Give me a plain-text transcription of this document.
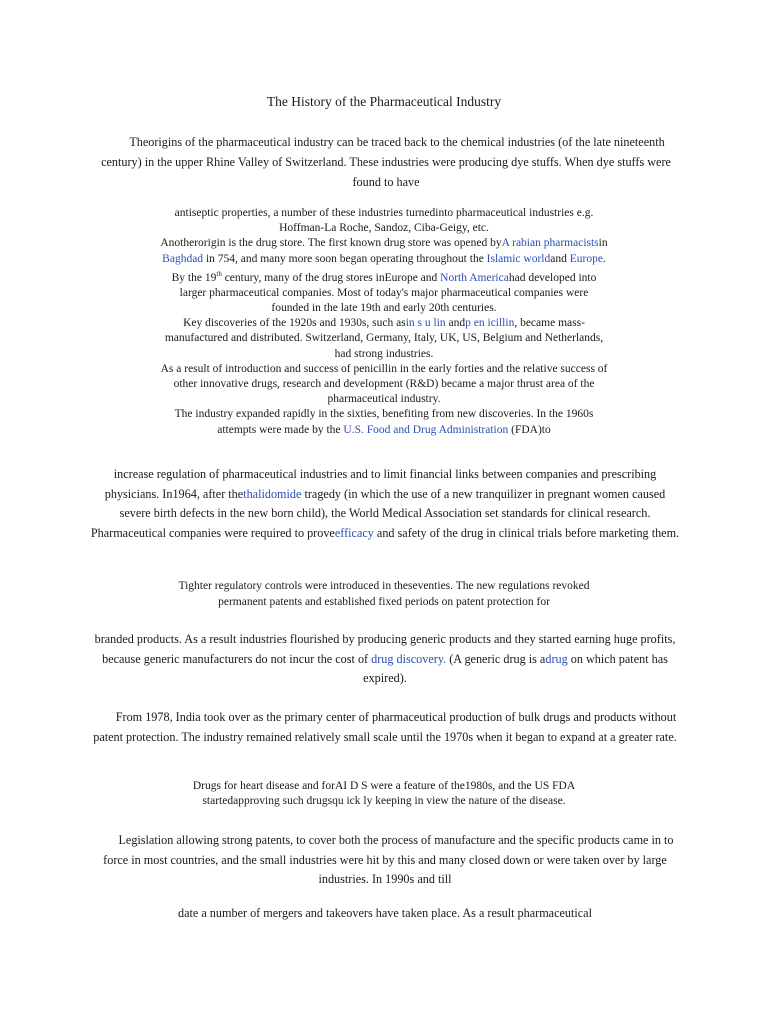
The History of the Pharmaceutical Industry

Theorigins of the pharmaceutical industry can be traced back to the chemical industries (of the late nineteenth century) in the upper Rhine Valley of Switzerland. These industries were producing dye stuffs. When dye stuffs were found to have

antiseptic properties, a number of these industries turnedinto pharmaceutical industries e.g. Hoffman-La Roche, Sandoz, Ciba-Geigy, etc.
Anotherorigin is the drug store. The first known drug store was opened byA rabian pharmacistsin Baghdad in 754, and many more soon began operating throughout the Islamic worldand Europe. By the 19th century, many of the drug stores inEurope and North Americahad developed into larger pharmaceutical companies. Most of today's major pharmaceutical companies were founded in the late 19th and early 20th centuries.
Key discoveries of the 1920s and 1930s, such asin s u lin andp en icillin, became mass-manufactured and distributed. Switzerland, Germany, Italy, UK, US, Belgium and Netherlands, had strong industries.
As a result of introduction and success of penicillin in the early forties and the relative success of other innovative drugs, research and development (R&D) became a major thrust area of the pharmaceutical industry.
The industry expanded rapidly in the sixties, benefiting from new discoveries. In the 1960s attempts were made by the U.S. Food and Drug Administration (FDA)to

increase regulation of pharmaceutical industries and to limit financial links between companies and prescribing physicians. In1964, after thethalidomide tragedy (in which the use of a new tranquilizer in pregnant women caused severe birth defects in the new born child), the World Medical Association set standards for clinical research. Pharmaceutical companies were required to proveefficacy and safety of the drug in clinical trials before marketing them.

Tighter regulatory controls were introduced in theseventies. The new regulations revoked permanent patents and established fixed periods on patent protection for

branded products. As a result industries flourished by producing generic products and they started earning huge profits, because generic manufacturers do not incur the cost of drug discovery. (A generic drug is adrug on which patent has expired).

From 1978, India took over as the primary center of pharmaceutical production of bulk drugs and products without patent protection. The industry remained relatively small scale until the 1970s when it began to expand at a greater rate.

Drugs for heart disease and forAI D S were a feature of the1980s, and the US FDA startedapproving such drugsqu ick ly keeping in view the nature of the disease.

Legislation allowing strong patents, to cover both the process of manufacture and the specific products came in to force in most countries, and the small industries were hit by this and many closed down or were taken over by large industries. In 1990s and till

date a number of mergers and takeovers have taken place. As a result pharmaceutical
